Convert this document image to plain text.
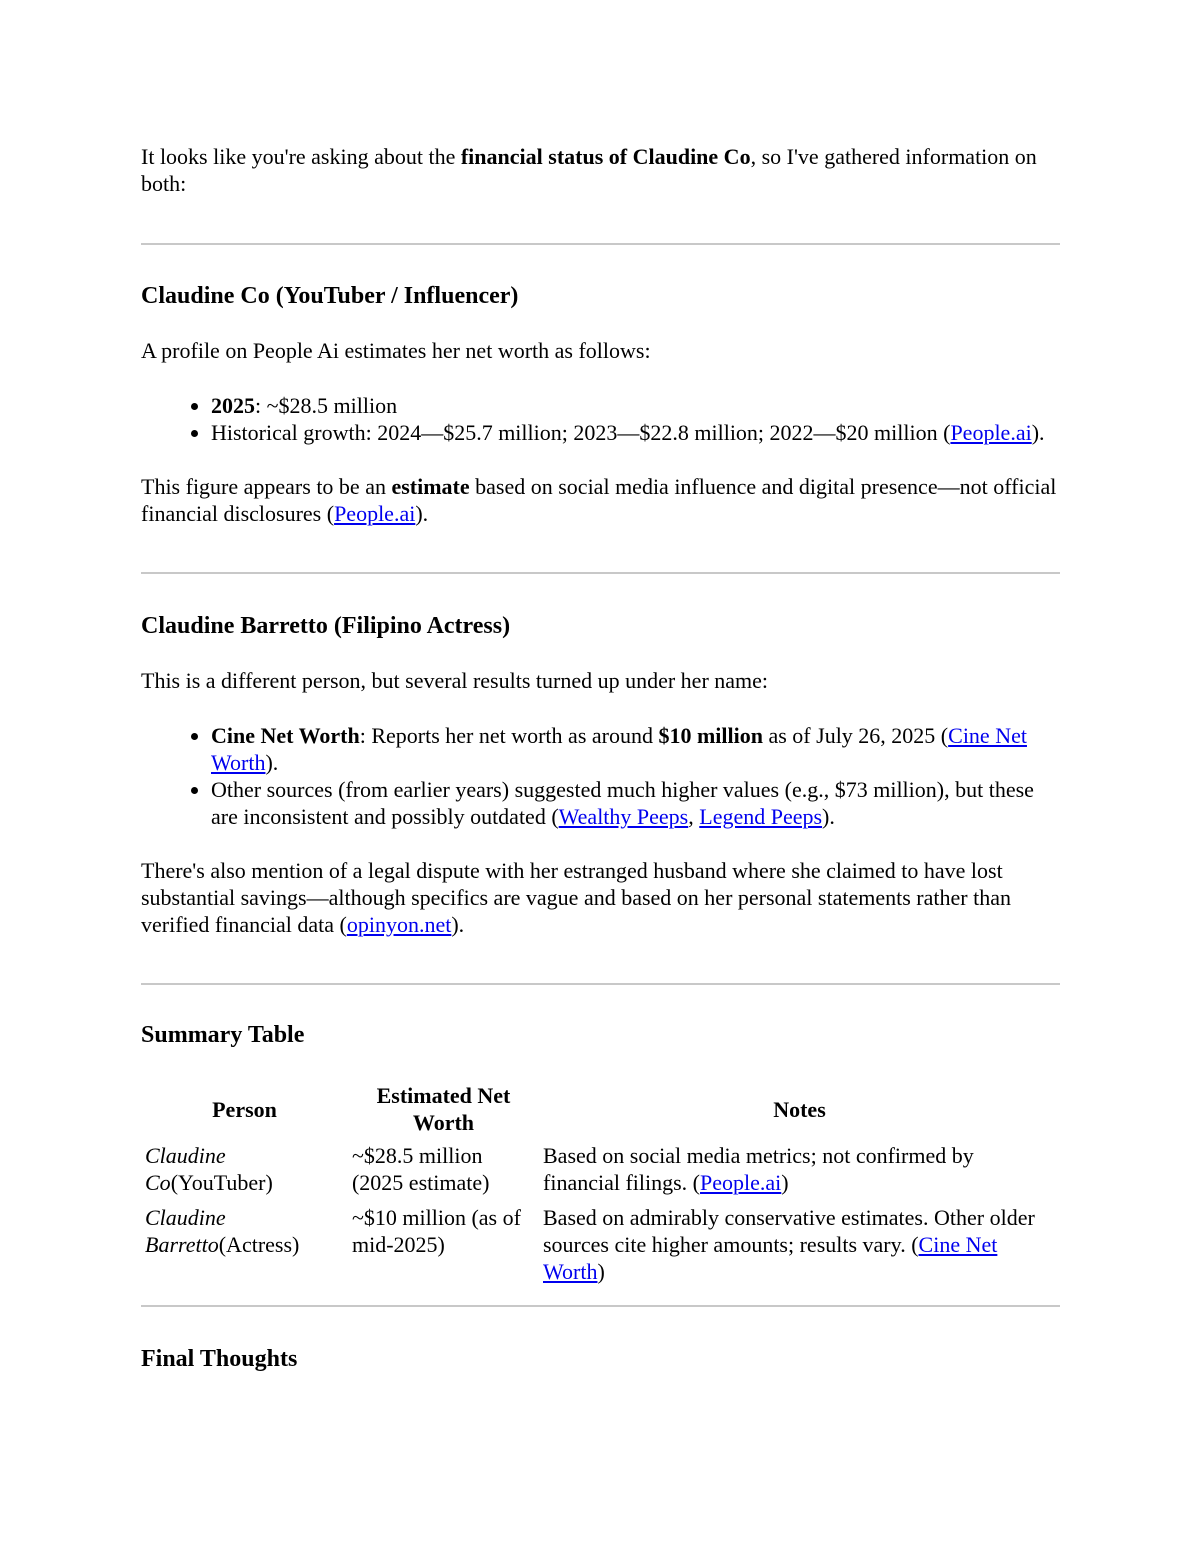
It looks like you're asking about the financial status of Claudine Co, so I've gathered information on both:

Claudine Co (YouTuber / Influencer)

A profile on People Ai estimates her net worth as follows:

• 2025: ~$28.5 million
• Historical growth: 2024—$25.7 million; 2023—$22.8 million; 2022—$20 million (People.ai).

This figure appears to be an estimate based on social media influence and digital presence—not official financial disclosures (People.ai).

Claudine Barretto (Filipino Actress)

This is a different person, but several results turned up under her name:

• Cine Net Worth: Reports her net worth as around $10 million as of July 26, 2025 (Cine Net Worth).
• Other sources (from earlier years) suggested much higher values (e.g., $73 million), but these are inconsistent and possibly outdated (Wealthy Peeps, Legend Peeps).

There's also mention of a legal dispute with her estranged husband where she claimed to have lost substantial savings—although specifics are vague and based on her personal statements rather than verified financial data (opinyon.net).

Summary Table
Person	Estimated Net Worth	Notes
Claudine Co(YouTuber)	~$28.5 million (2025 estimate)	Based on social media metrics; not confirmed by financial filings. (People.ai)
Claudine Barretto(Actress)	~$10 million (as of mid-2025)	Based on admirably conservative estimates. Other older sources cite higher amounts; results vary. (Cine Net Worth)
Final Thoughts
